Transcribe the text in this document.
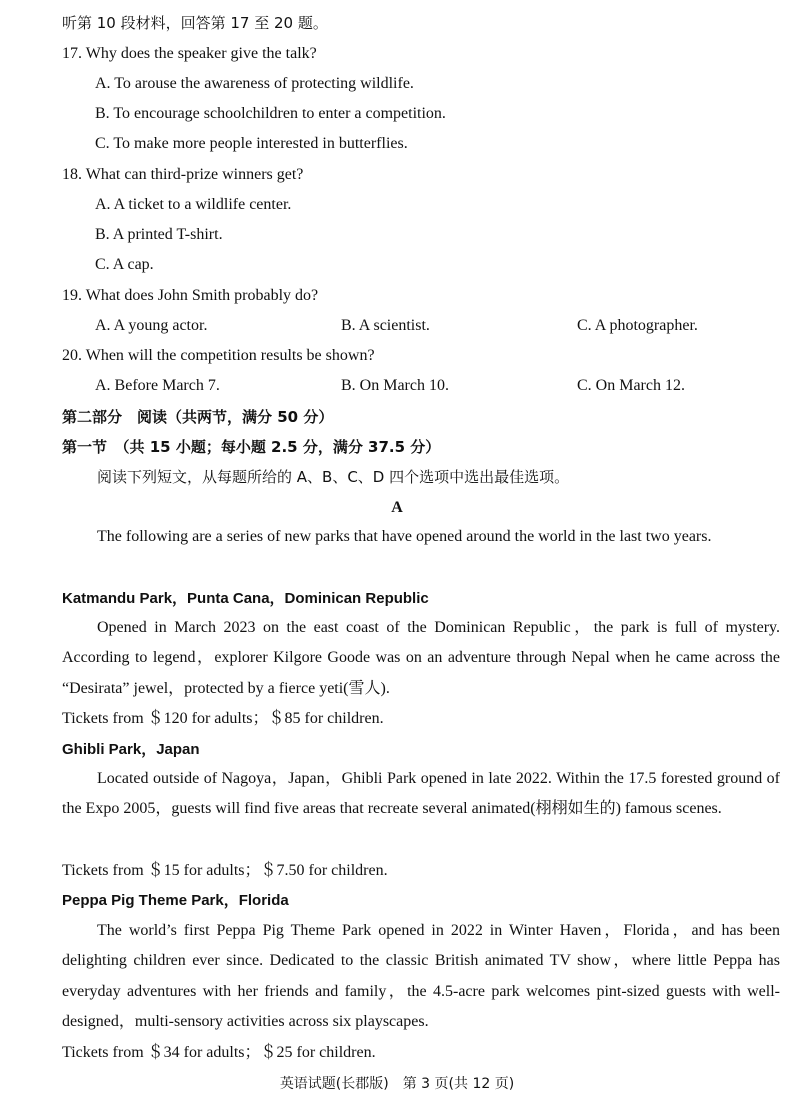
听第 10 段材料，回答第 17 至 20 题。
17. Why does the speaker give the talk?
A. To arouse the awareness of protecting wildlife.
B. To encourage schoolchildren to enter a competition.
C. To make more people interested in butterflies.
18. What can third-prize winners get?
A. A ticket to a wildlife center.
B. A printed T-shirt.
C. A cap.
19. What does John Smith probably do?
A. A young actor.	B. A scientist.	C. A photographer.
20. When will the competition results be shown?
A. Before March 7.	B. On March 10.	C. On March 12.
第二部分　阅读（共两节，满分 50 分）
第一节　（共 15 小题；每小题 2.5 分，满分 37.5 分）
阅读下列短文，从每题所给的 A、B、C、D 四个选项中选出最佳选项。
A
The following are a series of new parks that have opened around the world in the last two years.
Katmandu Park，Punta Cana，Dominican Republic
Opened in March 2023 on the east coast of the Dominican Republic，the park is full of mystery. According to legend，explorer Kilgore Goode was on an adventure through Nepal when he came across the “Desirata” jewel，protected by a fierce yeti(雪人).
Tickets from ＄120 for adults；＄85 for children.
Ghibli Park，Japan
Located outside of Nagoya，Japan，Ghibli Park opened in late 2022. Within the 17.5 forested ground of the Expo 2005，guests will find five areas that recreate several animated(栩栩如生的) famous scenes.
Tickets from ＄15 for adults；＄7.50 for children.
Peppa Pig Theme Park，Florida
The world’s first Peppa Pig Theme Park opened in 2022 in Winter Haven，Florida，and has been delighting children ever since. Dedicated to the classic British animated TV show，where little Peppa has everyday adventures with her friends and family，the 4.5-acre park welcomes pint-sized guests with well-designed，multi-sensory activities across six playscapes.
Tickets from ＄34 for adults；＄25 for children.
英语试题(长郡版)　第 3 页(共 12 页)
